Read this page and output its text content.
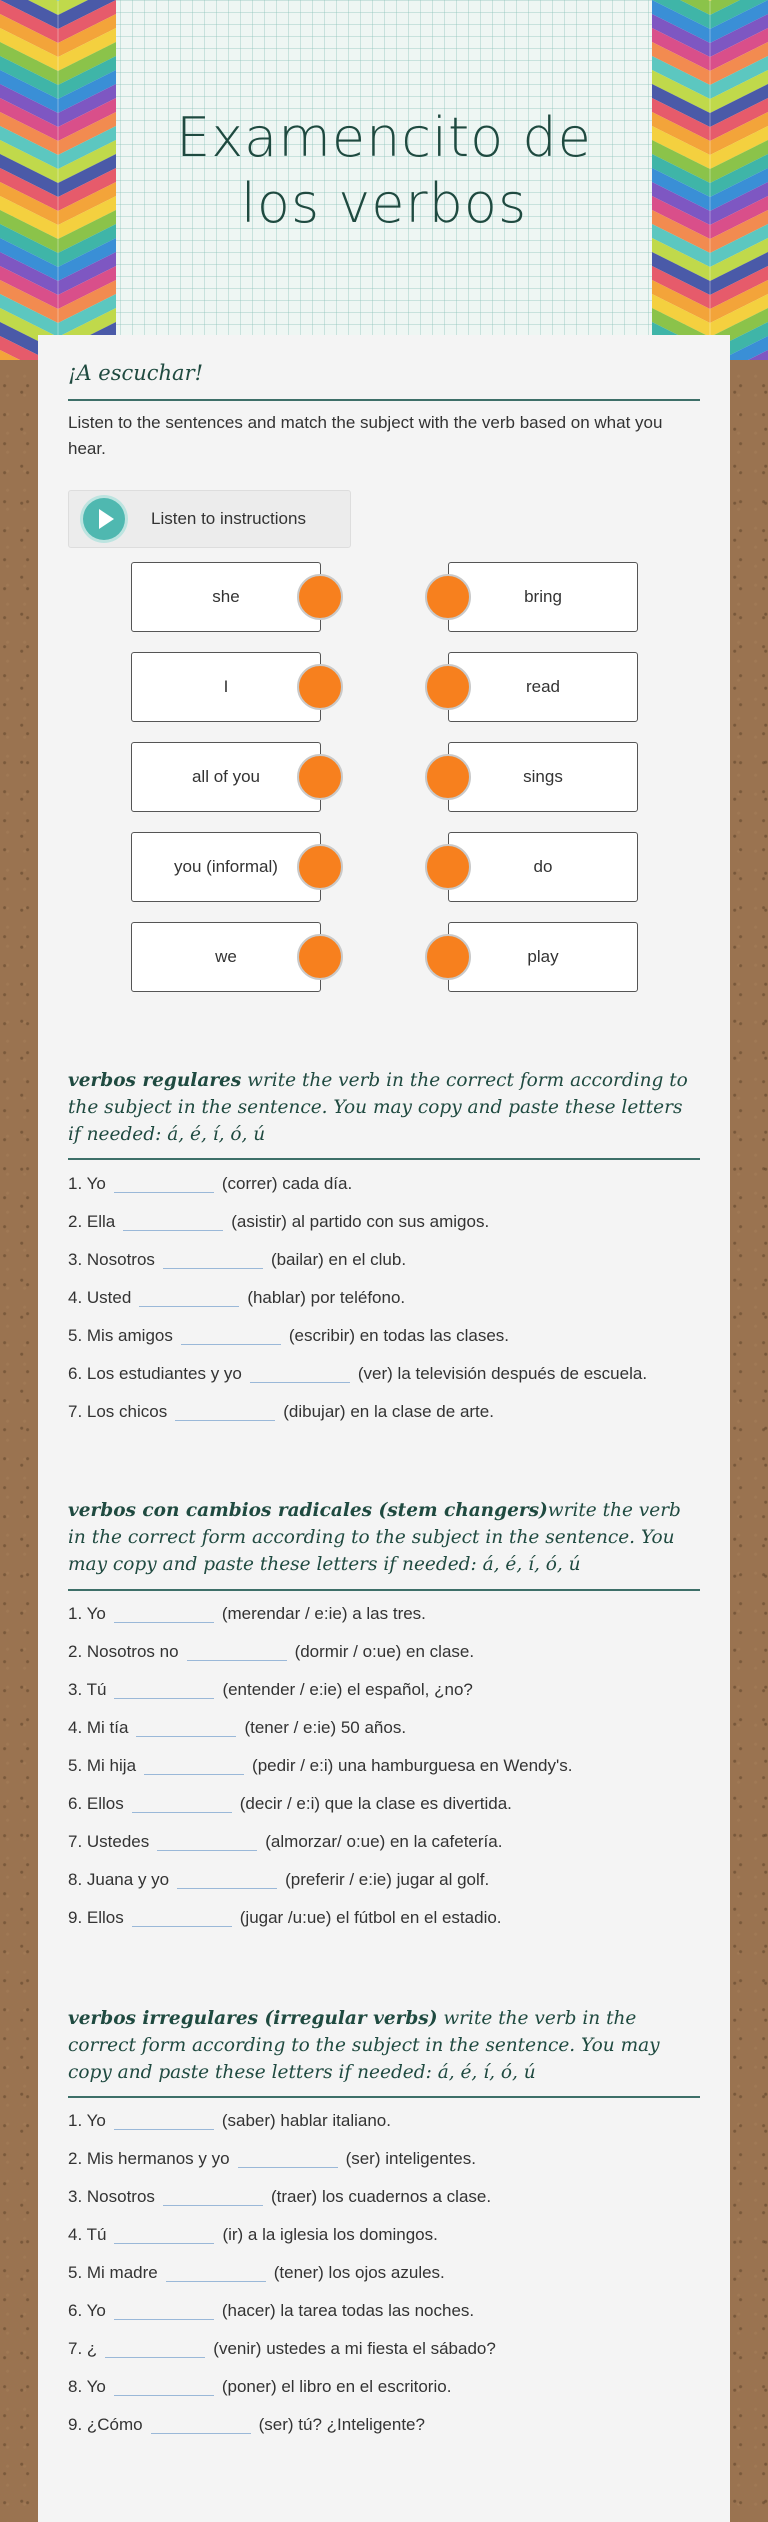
Examencito de los verbos
¡A escuchar!
Listen to the sentences and match the subject with the verb based on what you hear.
Listen to instructions
she
I
all of you
you (informal)
we
bring
read
sings
do
play
verbos regulares write the verb in the correct form according to the subject in the sentence. You may copy and paste these letters if needed: á, é, í, ó, ú
1. Yo	(correr) cada día.
2. Ella	(asistir) al partido con sus amigos.
3. Nosotros	(bailar) en el club.
4. Usted	(hablar) por teléfono.
5. Mis amigos	(escribir) en todas las clases.
6. Los estudiantes y yo	(ver) la televisión después de escuela.
7. Los chicos	(dibujar) en la clase de arte.
verbos con cambios radicales (stem changers)write the verb in the correct form according to the subject in the sentence. You may copy and paste these letters if needed: á, é, í, ó, ú
1. Yo	(merendar / e:ie) a las tres.
2. Nosotros no	(dormir / o:ue) en clase.
3. Tú	(entender / e:ie) el español, ¿no?
4. Mi tía	(tener / e:ie) 50 años.
5. Mi hija	(pedir / e:i) una hamburguesa en Wendy's.
6. Ellos	(decir / e:i) que la clase es divertida.
7. Ustedes	(almorzar/ o:ue) en la cafetería.
8. Juana y yo	(preferir / e:ie) jugar al golf.
9. Ellos	(jugar /u:ue) el fútbol en el estadio.
verbos irregulares (irregular verbs) write the verb in the correct form according to the subject in the sentence. You may copy and paste these letters if needed: á, é, í, ó, ú
1. Yo	(saber) hablar italiano.
2. Mis hermanos y yo	(ser) inteligentes.
3. Nosotros	(traer) los cuadernos a clase.
4. Tú	(ir) a la iglesia los domingos.
5. Mi madre	(tener) los ojos azules.
6. Yo	(hacer) la tarea todas las noches.
7. ¿	(venir) ustedes a mi fiesta el sábado?
8. Yo	(poner) el libro en el escritorio.
9. ¿Cómo	(ser) tú? ¿Inteligente?
